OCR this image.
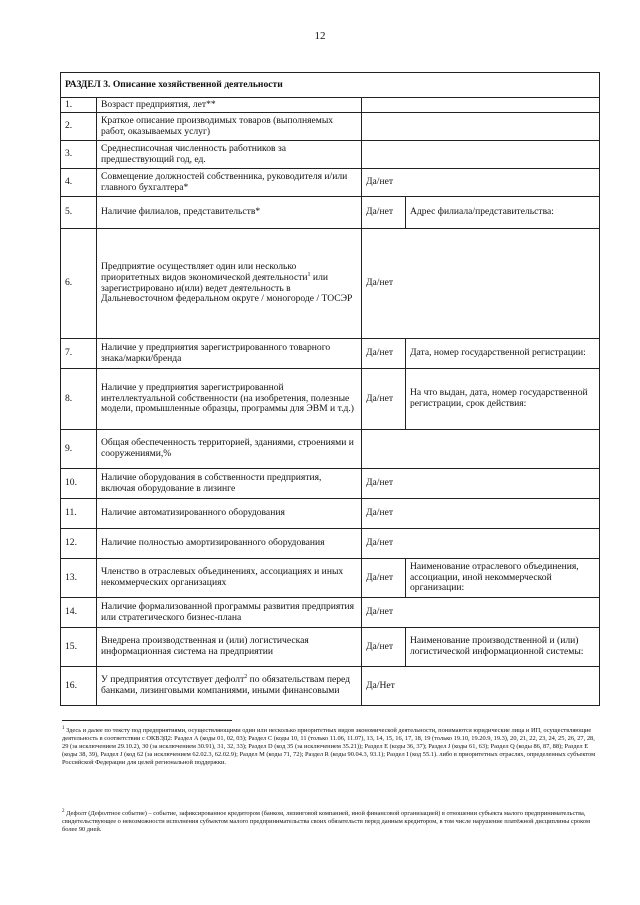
12
РАЗДЕЛ 3. Описание хозяйственной деятельности			
1.	Возраст предприятия, лет**		
2.	Краткое описание производимых товаров (выполняемых работ, оказываемых услуг)		
3.	Среднесписочная численность работников за предшествующий год, ед.		
4.	Совмещение должностей собственника, руководителя и/или главного бухгалтера*	Да/нет	
5.	Наличие филиалов, представительств*	Да/нет	Адрес филиала/представительства:
6.	Предприятие осуществляет один или несколько приоритетных видов экономической деятельности$^1$ или зарегистрировано и(или) ведет деятельность в Дальневосточном федеральном округе / моногороде / ТОСЭР	Да/нет	
7.	Наличие у предприятия зарегистрированного товарного знака/марки/бренда	Да/нет	Дата, номер государственной регистрации:
8.	Наличие у предприятия зарегистрированной интеллектуальной собственности (на изобретения, полезные модели, промышленные образцы, программы для ЭВМ и т.д.)	Да/нет	На что выдан, дата, номер государственной регистрации, срок действия:
9.	Общая обеспеченность территорией, зданиями, строениями и сооружениями,%		
10.	Наличие оборудования в собственности предприятия, включая оборудование в лизинге	Да/нет	
11.	Наличие автоматизированного оборудования	Да/нет	
12.	Наличие полностью амортизированного оборудования	Да/нет	
13.	Членство в отраслевых объединениях, ассоциациях и иных некоммерческих организациях	Да/нет	Наименование отраслевого объединения, ассоциации, иной некоммерческой организации:
14.	Наличие формализованной программы развития предприятия или стратегического бизнес-плана	Да/нет	
15.	Внедрена производственная и (или) логистическая информационная система на предприятии	Да/нет	Наименование производственной и (или) логистической информационной системы:
16.	У предприятия отсутствует дефолт$^2$ по обязательствам перед банками, лизинговыми компаниями, иными финансовыми	Да/Нет	
$^1$ Здесь и далее по тексту под предприятиями, осуществляющими один или несколько приоритетных видов экономической деятельности, понимаются юридические лица и ИП, осуществляющие деятельность в соответствии с ОКВЭД2: Раздел А (коды 01, 02, 03); Раздел С (коды 10, 11 (только 11.06, 11.07), 13, 14, 15, 16, 17, 18, 19 (только 19.10, 19.20.9, 19.3), 20, 21, 22, 23, 24, 25, 26, 27, 28, 29 (за исключением 29.10.2), 30 (за исключением 30.91), 31, 32, 33); Раздел D (код 35 (за исключением 35.21)); Раздел Е (коды 36, 37); Раздел J (коды 61, 63); Раздел Q (коды 86, 87, 88); Раздел Е (коды 38, 39), Раздел J (код 62 (за исключением 62.02.3, 62.02.9); Раздел М (коды 71, 72); Раздел R (коды 90.04.3, 93.1); Раздел I (код 55.1). либо в приоритетных отраслях, определенных субъектом Российской Федерации для целей региональной поддержки.
$^2$ Дефолт (Дефолтное событие) – событие, зафиксированное кредитором (банком, лизинговой компанией, иной финансовой организацией) в отношении субъекта малого предпринимательства, свидетельствующее о невозможности исполнения субъектом малого предпринимательства своих обязательств перед данным кредитором, в том числе нарушение платёжной дисциплины сроком более 90 дней.
